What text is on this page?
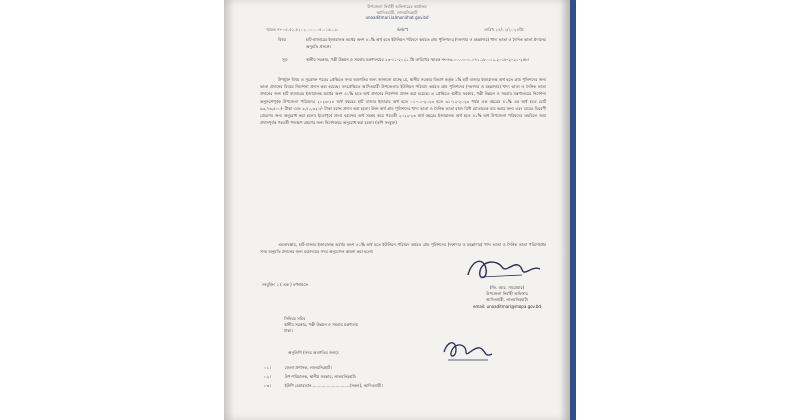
উপজেলা নির্বাহী অফিসারের কার্যালয়
আদিতমারী, লালমনিরহাট
unoaditmari.lalmonirhat.gov.bd
স্মারক নং-০৫.৫২.৫২০২.০০০.০৫.০১৬.১৯-	৬৬৭	তারিখ ২৪/০২/২০২৪খ্রি:
বিষয়	হাট-বাজারের ইজারালব্ধ অর্থের অংশ ৪১% অর্থ হতে ইউনিয়ন পরিষদে কর্মরত গ্রাম পুলিশদের (দফাদার ও মহল্লাদার) খাদ্য ভাতা ও দৈনিক ভাতা প্রদানের অনুমতি প্রসঙ্গে।
সূত্র	স্থানীয় সরকার, পল্লী উন্নয়ন ও সমবায় মন্ত্রণালয়ের ২৩-১১-২০২১ খ্রি তারিখের স্মারক নং-৪৬.০০.০০০০.০৭১.১৮.০০১.২০১৮-২০২১-২৫৮।
উপর্যুক্ত বিষয় ও সূত্রোক্ত পত্রের প্রেক্ষিতে সদয় অবগতির জন্য জানানো যাচ্ছে যে, স্থানীয় সরকার বিভাগ কর্তৃক ১% হাট বাজার ইজারালব্ধ অর্থ হতে গ্রাম পুলিশদের জন্য ভাতা প্রদানের বিষয়ে নির্দেশনা প্রদান করা হয়েছে। তৎপ্রেক্ষিতে আদিতমারী উপজেলার ইউনিয়ন পরিষদে কর্মরত গ্রাম পুলিশদের (দফাদার ও মহল্লাদার) খাদ্য ভাতা ও দৈনিক ভাতা প্রদানের জন্য হাট বাজারের ইজারালব্ধ অর্থের অংশ ৪১% হতে অর্থ প্রদানের নির্দেশনা প্রদান করা হয়েছে। এ প্রেক্ষিতে স্থানীয় সরকার, পল্লী উন্নয়ন ও সমবায় মন্ত্রণালয়ের নির্দেশনা অনুসরণপূর্বক উপজেলা পরিষদের ২০২৩-২৪ অর্থ বছরের হাট বাজার ইজারার অর্থ হতে ০১-০১-২০২৩ হতে ৩১-১২-২০২৩ পর্যন্ত এক বছরের ৪১% এর অর্থ হতে মোট ৯৩,৭৩,৫০০/- টাকা এবং ৩,৭০,৩২০/- টাকা বরাদ্দ প্রদান করা হলো। উক্ত অর্থ গ্রাম পুলিশদের খাদ্য ভাতা ও দৈনিক ভাতা বাবদ বিধি মোতাবেক ব্যয় করার জন্য এবং ব্যয়ের বিবরণী প্রেরণের জন্য অনুরোধ করা হলো। ইতোপূর্বে প্রদত্ত বরাদ্দের অর্থ সমন্বয় করে পরবর্তী ২০২২-২৩ অর্থ বছরের ইজারালব্ধ অর্থ হতে ৪১% অর্থ উপজেলা পরিষদের তহবিলে জমা প্রদানপূর্বক পরবর্তী পদক্ষেপ গ্রহণের জন্য নির্দেশক্রমে অনুরোধ করা হলো। (কপি সংযুক্ত)
এমতাবস্থায়, হাট-বাজার ইজারালব্ধ অর্থের অংশ ৪১% অর্থ হতে ইউনিয়ন পরিষদে কর্মরত গ্রাম পুলিশদের (দফাদার ও মহল্লাদার) খাদ্য ভাতা ও দৈনিক ভাতা পরিশোধের সদয় অনুমতি প্রদানের জন্য মহোদয়ের সদয় অনুমোদন কামনা করা হলো।
সংযুক্তি: ১ ( এক ) বর্ণনামতে
(জি. আর. সারোয়ার)
উপজেলা নির্বাহী অফিসার
আদিতমারী, লালমনিরহাট।
email: unoaditmari@mopa.gov.bd
সিনিয়র সচিব
স্থানীয় সরকার, পল্লী উন্নয়ন ও সমবায় মন্ত্রণালয়
ঢাকা।
অনুলিপি (সদয় অবগতির জন্য):
০১।	জেলা প্রশাসক, লালমনিরহাট।
০২।	উপ-পরিচালক, স্থানীয় সরকার, লালমনিরহাট।
০৩।	ইউপি চেয়ারম্যান..............................(সকল), আদিতমারী।
